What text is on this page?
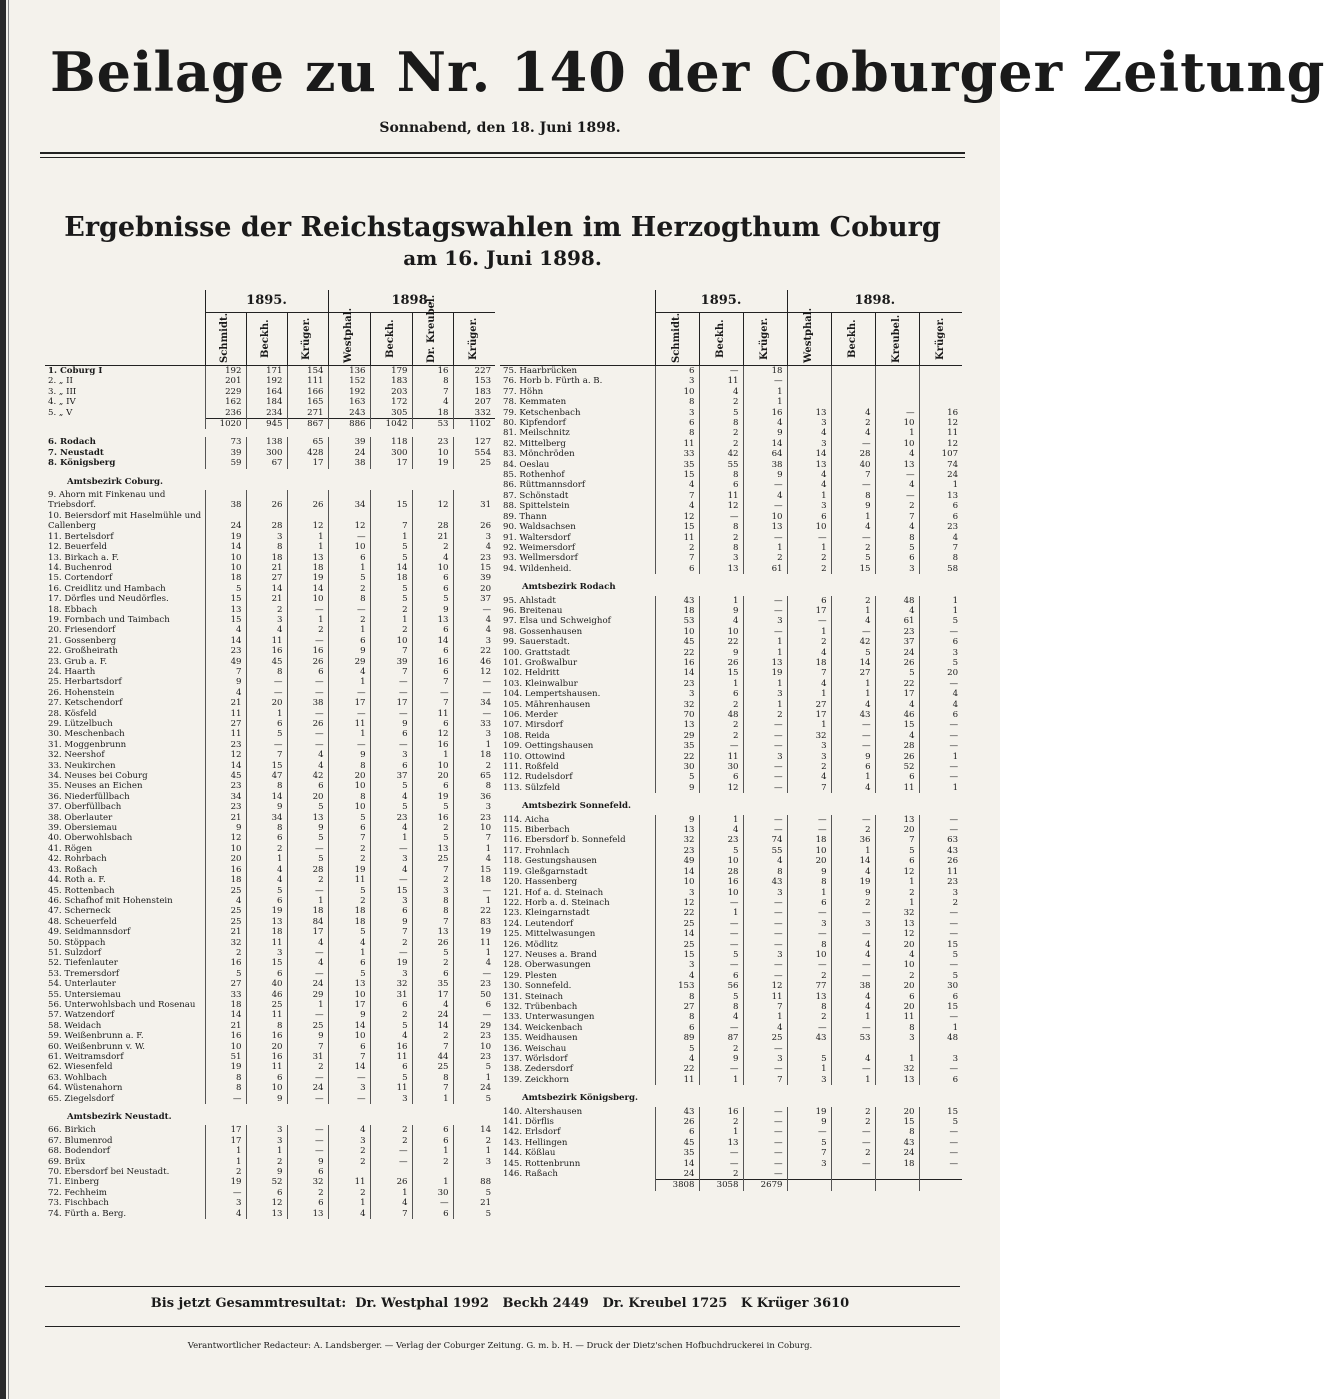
Beilage zu Nr. 140 der Coburger Zeitung
Sonnabend, den 18. Juni 1898.
Ergebnisse der Reichstagswahlen im Herzogthum Coburg
am 16. Juni 1898.
	1895.			1898.			

	Schmidt.	Beckh.	Krüger.	Westphal.	Beckh.	Dr. Kreubel.	Krüger.

1. Coburg I	192	171	154	136	179	16	227
2. „ II	201	192	111	152	183	8	153
3. „ III	229	164	166	192	203	7	183
4. „ IV	162	184	165	163	172	4	207
5. „ V	236	234	271	243	305	18	332
	1020	945	867	886	1042	53	1102

6. Rodach	73	138	65	39	118	23	127
7. Neustadt	39	300	428	24	300	10	554
8. Königsberg	59	67	17	38	17	19	25
Amtsbezirk Coburg.							
9. Ahorn mit Finkenau und							
Triebsdorf.	38	26	26	34	15	12	31
10. Beiersdorf mit Haselmühle und							
Callenberg	24	28	12	12	7	28	26
11. Bertelsdorf	19	3	1	—	1	21	3
12. Beuerfeld	14	8	1	10	5	2	4
13. Birkach a. F.	10	18	13	6	5	4	23
14. Buchenrod	10	21	18	1	14	10	15
15. Cortendorf	18	27	19	5	18	6	39
16. Creidlitz und Hambach	5	14	14	2	5	6	20
17. Dörfles und Neudörfles.	15	21	10	8	5	5	37
18. Ebbach	13	2	—	—	2	9	—
19. Fornbach und Taimbach	15	3	1	2	1	13	4
20. Friesendorf	4	4	2	1	2	6	4
21. Gossenberg	14	11	—	6	10	14	3
22. Großheirath	23	16	16	9	7	6	22
23. Grub a. F.	49	45	26	29	39	16	46
24. Haarth	7	8	6	4	7	6	12
25. Herbartsdorf	9	—	—	1	—	7	—
26. Hohenstein	4	—	—	—	—	—	—
27. Ketschendorf	21	20	38	17	17	7	34
28. Kösfeld	11	1	—	—	—	11	—
29. Lützelbuch	27	6	26	11	9	6	33
30. Meschenbach	11	5	—	1	6	12	3
31. Moggenbrunn	23	—	—	—	—	16	1
32. Neershof	12	7	4	9	3	1	18
33. Neukirchen	14	15	4	8	6	10	2
34. Neuses bei Coburg	45	47	42	20	37	20	65
35. Neuses an Eichen	23	8	6	10	5	6	8
36. Niederfüllbach	34	14	20	8	4	19	36
37. Oberfüllbach	23	9	5	10	5	5	3
38. Oberlauter	21	34	13	5	23	16	23
39. Obersiemau	9	8	9	6	4	2	10
40. Oberwohlsbach	12	6	5	7	1	5	7
41. Rögen	10	2	—	2	—	13	1
42. Rohrbach	20	1	5	2	3	25	4
43. Roßach	16	4	28	19	4	7	15
44. Roth a. F.	18	4	2	11	—	2	18
45. Rottenbach	25	5	—	5	15	3	—
46. Schafhof mit Hohenstein	4	6	1	2	3	8	1
47. Scherneck	25	19	18	18	6	8	22
48. Scheuerfeld	25	13	84	18	9	7	83
49. Seidmannsdorf	21	18	17	5	7	13	19
50. Stöppach	32	11	4	4	2	26	11
51. Sulzdorf	2	3	—	1	—	5	1
52. Tiefenlauter	16	15	4	6	19	2	4
53. Tremersdorf	5	6	—	5	3	6	—
54. Unterlauter	27	40	24	13	32	35	23
55. Untersiemau	33	46	29	10	31	17	50
56. Unterwohlsbach und Rosenau	18	25	1	17	6	4	6
57. Watzendorf	14	11	—	9	2	24	—
58. Weidach	21	8	25	14	5	14	29
59. Weißenbrunn a. F.	16	16	9	10	4	2	23
60. Weißenbrunn v. W.	10	20	7	6	16	7	10
61. Weitramsdorf	51	16	31	7	11	44	23
62. Wiesenfeld	19	11	2	14	6	25	5
63. Wohlbach	8	6	—	—	5	8	1
64. Wüstenahorn	8	10	24	3	11	7	24
65. Ziegelsdorf	—	9	—	—	3	1	5
Amtsbezirk Neustadt.							
66. Birkich	17	3	—	4	2	6	14
67. Blumenrod	17	3	—	3	2	6	2
68. Bodendorf	1	1	—	2	—	1	1
69. Brüx	1	2	9	2	—	2	3
70. Ebersdorf bei Neustadt.	2	9	6				
71. Einberg	19	52	32	11	26	1	88
72. Fechheim	—	6	2	2	1	30	5
73. Fischbach	3	12	6	1	4	—	21
74. Fürth a. Berg.	4	13	13	4	7	6	5
	1895.			1898.			

	Schmidt.	Beckh.	Krüger.	Westphal.	Beckh.	Kreubel.	Krüger.

75. Haarbrücken	6	—	18				
76. Horb b. Fürth a. B.	3	11	—				
77. Höhn	10	4	1				
78. Kemmaten	8	2	1				
79. Ketschenbach	3	5	16	13	4	—	16
80. Kipfendorf	6	8	4	3	2	10	12
81. Meilschnitz	8	2	9	4	4	1	11
82. Mittelberg	11	2	14	3	—	10	12
83. Mönchröden	33	42	64	14	28	4	107
84. Oeslau	35	55	38	13	40	13	74
85. Rothenhof	15	8	9	4	7	—	24
86. Rüttmannsdorf	4	6	—	4	—	4	1
87. Schönstadt	7	11	4	1	8	—	13
88. Spittelstein	4	12	—	3	9	2	6
89. Thann	12	—	10	6	1	7	6
90. Waldsachsen	15	8	13	10	4	4	23
91. Waltersdorf	11	2	—	—	—	8	4
92. Weimersdorf	2	8	1	1	2	5	7
93. Wellmersdorf	7	3	2	2	5	6	8
94. Wildenheid.	6	13	61	2	15	3	58
Amtsbezirk Rodach							
95. Ahlstadt	43	1	—	6	2	48	1
96. Breitenau	18	9	—	17	1	4	1
97. Elsa und Schweighof	53	4	3	—	4	61	5
98. Gossenhausen	10	10	—	1	—	23	—
99. Sauerstadt.	45	22	1	2	42	37	6
100. Grattstadt	22	9	1	4	5	24	3
101. Großwalbur	16	26	13	18	14	26	5
102. Heldritt	14	15	19	7	27	5	20
103. Kleinwalbur	23	1	1	4	1	22	—
104. Lempertshausen.	3	6	3	1	1	17	4
105. Mährenhausen	32	2	1	27	4	4	4
106. Merder	70	48	2	17	43	46	6
107. Mirsdorf	13	2	—	1	—	15	—
108. Reida	29	2	—	32	—	4	—
109. Oettingshausen	35	—	—	3	—	28	—
110. Ottowind	22	11	3	3	9	26	1
111. Roßfeld	30	30	—	2	6	52	—
112. Rudelsdorf	5	6	—	4	1	6	—
113. Sülzfeld	9	12	—	7	4	11	1
Amtsbezirk Sonnefeld.							
114. Aicha	9	1	—	—	—	13	—
115. Biberbach	13	4	—	—	2	20	—
116. Ebersdorf b. Sonnefeld	32	23	74	18	36	7	63
117. Frohnlach	23	5	55	10	1	5	43
118. Gestungshausen	49	10	4	20	14	6	26
119. Gleßgarnstadt	14	28	8	9	4	12	11
120. Hassenberg	10	16	43	8	19	1	23
121. Hof a. d. Steinach	3	10	3	1	9	2	3
122. Horb a. d. Steinach	12	—	—	6	2	1	2
123. Kleingarnstadt	22	1	—	—	—	32	—
124. Leutendorf	25	—	—	3	3	13	—
125. Mittelwasungen	14	—	—	—	—	12	—
126. Mödlitz	25	—	—	8	4	20	15
127. Neuses a. Brand	15	5	3	10	4	4	5
128. Oberwasungen	3	—	—	—	—	10	—
129. Plesten	4	6	—	2	—	2	5
130. Sonnefeld.	153	56	12	77	38	20	30
131. Steinach	8	5	11	13	4	6	6
132. Trübenbach	27	8	7	8	4	20	15
133. Unterwasungen	8	4	1	2	1	11	—
134. Weickenbach	6	—	4	—	—	8	1
135. Weidhausen	89	87	25	43	53	3	48
136. Weischau	5	2	—				
137. Wörlsdorf	4	9	3	5	4	1	3
138. Zedersdorf	22	—	—	1	—	32	—
139. Zeickhorn	11	1	7	3	1	13	6
Amtsbezirk Königsberg.							
140. Altershausen	43	16	—	19	2	20	15
141. Dörflis	26	2	—	9	2	15	5
142. Erlsdorf	6	1	—	—	—	8	—
143. Hellingen	45	13	—	5	—	43	—
144. Kößlau	35	—	—	7	2	24	—
145. Rottenbrunn	14	—	—	3	—	18	—
146. Raßach	24	2	—				
	3808	3058	2679				
Bis jetzt Gesammtresultat: Dr. Westphal 1992 Beckh 2449 Dr. Kreubel 1725 K Krüger 3610
Verantwortlicher Redacteur: A. Landsberger. — Verlag der Coburger Zeitung. G. m. b. H. — Druck der Dietz'schen Hofbuchdruckerei in Coburg.
